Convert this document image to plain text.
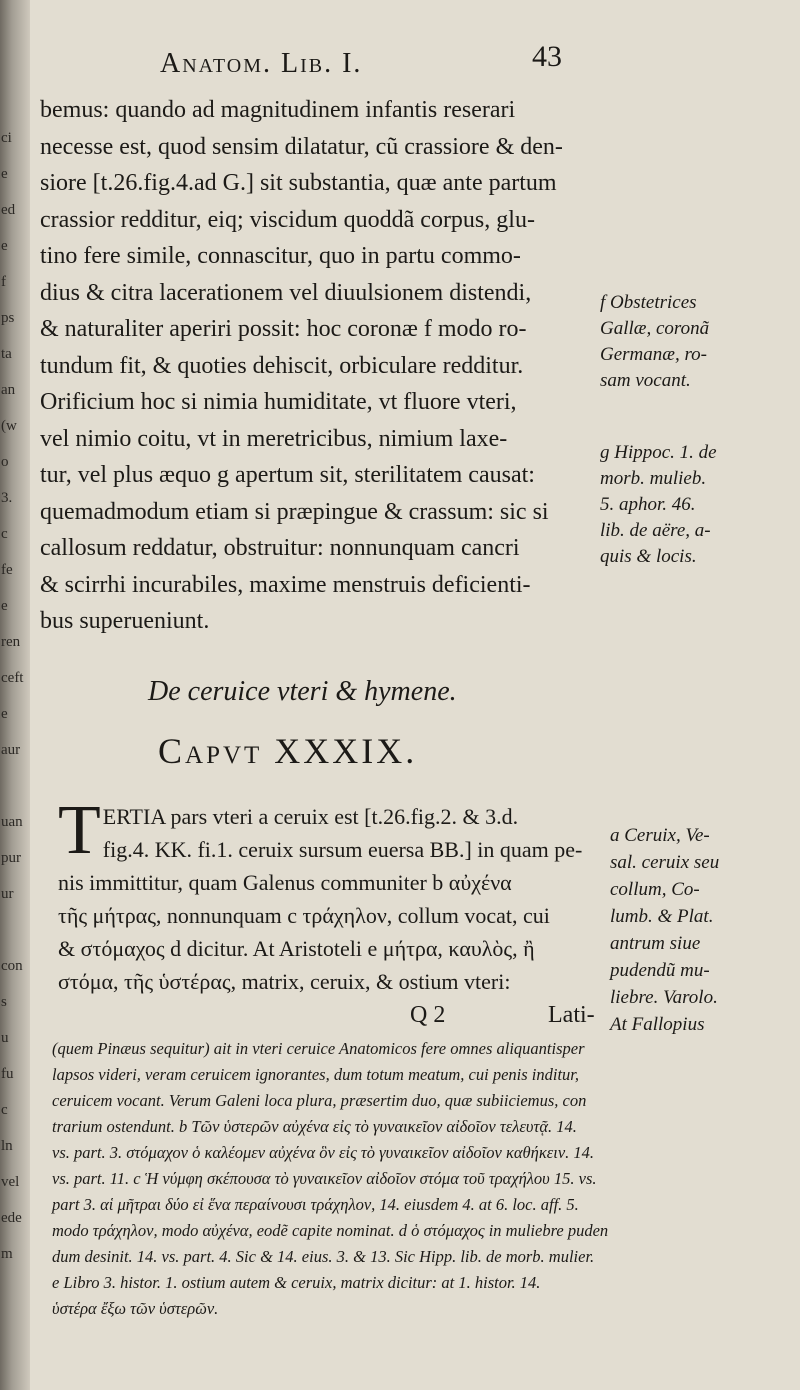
ci
e
ed
e
f
ps
ta
an
(w
o
3.
c
fe
e
ren
ceft
e
aur
uan
pur
ur
con
s
u
fu
c
ln
vel
ede
m
Anatom. Lib. I.	43
bemus: quando ad magnitudinem infantis reserari
necesse est, quod sensim dilatatur, cũ crassiore & den-
siore [t.26.fig.4.ad G.] sit substantia, quæ ante partum
crassior redditur, eiq; viscidum quoddã corpus, glu-
tino fere simile, connascitur, quo in partu commo-
dius & citra lacerationem vel diuulsionem distendi,
& naturaliter aperiri possit: hoc coronæ f modo ro-
tundum fit, & quoties dehiscit, orbiculare redditur.
Orificium hoc si nimia humiditate, vt fluore vteri,
vel nimio coitu, vt in meretricibus, nimium laxe-
tur, vel plus æquo g apertum sit, sterilitatem causat:
quemadmodum etiam si præpingue & crassum: sic si
callosum reddatur, obstruitur: nonnunquam cancri
& scirrhi incurabiles, maxime menstruis deficienti-
bus superueniunt.
f Obstetrices
Gallæ, coronã
Germanæ, ro-
sam vocant.
g Hippoc. 1. de
morb. mulieb.
5. aphor. 46.
lib. de aëre, a-
quis & locis.
De ceruice vteri & hymene.
Capvt XXXIX.
T ERTIA pars vteri a ceruix est [t.26.fig.2. & 3.d.
fig.4. KK. fi.1. ceruix sursum euersa BB.] in quam pe-
nis immittitur, quam Galenus communiter b αὐχένα
τῆς μήτρας, nonnunquam c τράχηλον, collum vocat, cui
& στόμαχος d dicitur. At Aristoteli e μήτρα, καυλὸς, ἢ
στόμα, τῆς ὑστέρας, matrix, ceruix, & ostium vteri:
Q 2	Lati-
a Ceruix, Ve-
sal. ceruix seu
collum, Co-
lumb. & Plat.
antrum siue
pudendũ mu-
liebre. Varolo.
At Fallopius
(quem Pinæus sequitur) ait in vteri ceruice Anatomicos fere omnes aliquantisper
lapsos videri, veram ceruicem ignorantes, dum totum meatum, cui penis inditur,
ceruicem vocant. Verum Galeni loca plura, præsertim duo, quæ subiiciemus, con
trarium ostendunt. b Τῶν ὑστερῶν αὐχένα εἰς τὸ γυναικεῖον αἰδοῖον τελευτᾷ. 14.
vs. part. 3. στόμαχον ὁ καλέομεν αὐχένα ὃν εἰς τὸ γυναικεῖον αἰδοῖον καθήκειν. 14.
vs. part. 11. c Ἡ νύμφη σκέπουσα τὸ γυναικεῖον αἰδοῖον στόμα τοῦ τραχήλου 15. vs.
part 3. αἱ μῆτραι δύο εἰ ἕνα περαίνουσι τράχηλον, 14. eiusdem 4. at 6. loc. aff. 5.
modo τράχηλον, modo αὐχένα, eodẽ capite nominat. d ὁ στόμαχος in muliebre puden
dum desinit. 14. vs. part. 4. Sic & 14. eius. 3. & 13. Sic Hipp. lib. de morb. mulier.
e Libro 3. histor. 1. ostium autem & ceruix, matrix dicitur: at 1. histor. 14.
ὑστέρα ἔξω τῶν ὑστερῶν.
